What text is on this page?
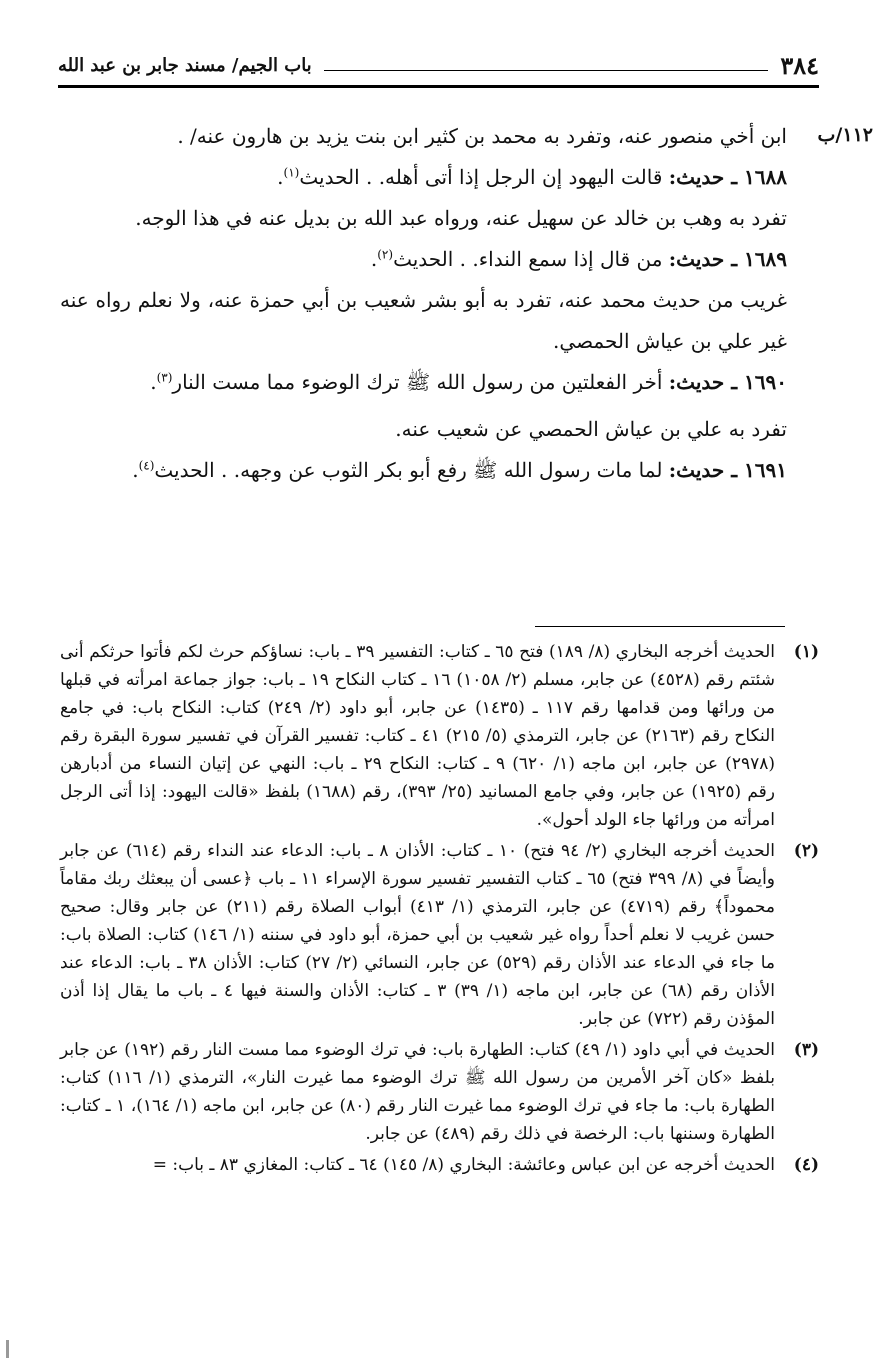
٣٨٤
باب الجيم/ مسند جابر بن عبد الله
١١٢/ب

ابن أخي منصور عنه، وتفرد به محمد بن كثير ابن بنت يزيد بن هارون عنه/ .

١٦٨٨ ـ حديث: قالت اليهود إن الرجل إذا أتى أهله. . الحديث$^{(١)}$.

تفرد به وهب بن خالد عن سهيل عنه، ورواه عبد الله بن بديل عنه في هذا الوجه.

١٦٨٩ ـ حديث: من قال إذا سمع النداء. . الحديث$^{(٢)}$.

غريب من حديث محمد عنه، تفرد به أبو بشر شعيب بن أبي حمزة عنه، ولا نعلم رواه عنه غير علي بن عياش الحمصي.

١٦٩٠ ـ حديث: أخر الفعلتين من رسول الله ﷺ ترك الوضوء مما مست النار$^{(٣)}$.

تفرد به علي بن عياش الحمصي عن شعيب عنه.

١٦٩١ ـ حديث: لما مات رسول الله ﷺ رفع أبو بكر الثوب عن وجهه. . الحديث$^{(٤)}$.

(١)
الحديث أخرجه البخاري (٨/ ١٨٩) فتح ٦٥ ـ كتاب: التفسير ٣٩ ـ باب: نساؤكم حرث لكم فأتوا حرثكم أنى شئتم رقم (٤٥٢٨) عن جابر، مسلم (٢/ ١٠٥٨) ١٦ ـ كتاب النكاح ١٩ ـ باب: جواز جماعة امرأته في قبلها من ورائها ومن قدامها رقم ١١٧ ـ (١٤٣٥) عن جابر، أبو داود (٢/ ٢٤٩) كتاب: النكاح باب: في جامع النكاح رقم (٢١٦٣) عن جابر، الترمذي (٥/ ٢١٥) ٤١ ـ كتاب: تفسير القرآن في تفسير سورة البقرة رقم (٢٩٧٨) عن جابر، ابن ماجه (١/ ٦٢٠) ٩ ـ كتاب: النكاح ٢٩ ـ باب: النهي عن إتيان النساء من أدبارهن رقم (١٩٢٥) عن جابر، وفي جامع المسانيد (٢٥/ ٣٩٣)، رقم (١٦٨٨) بلفظ «قالت اليهود: إذا أتى الرجل امرأته من ورائها جاء الولد أحول».
(٢)
الحديث أخرجه البخاري (٢/ ٩٤ فتح) ١٠ ـ كتاب: الأذان ٨ ـ باب: الدعاء عند النداء رقم (٦١٤) عن جابر وأيضاً في (٨/ ٣٩٩ فتح) ٦٥ ـ كتاب التفسير تفسير سورة الإسراء ١١ ـ باب ﴿عسى أن يبعثك ربك مقاماً محموداً﴾ رقم (٤٧١٩) عن جابر، الترمذي (١/ ٤١٣) أبواب الصلاة رقم (٢١١) عن جابر وقال: صحيح حسن غريب لا نعلم أحداً رواه غير شعيب بن أبي حمزة، أبو داود في سننه (١/ ١٤٦) كتاب: الصلاة باب: ما جاء في الدعاء عند الأذان رقم (٥٢٩) عن جابر، النسائي (٢/ ٢٧) كتاب: الأذان ٣٨ ـ باب: الدعاء عند الأذان رقم (٦٨) عن جابر، ابن ماجه (١/ ٣٩) ٣ ـ كتاب: الأذان والسنة فيها ٤ ـ باب ما يقال إذا أذن المؤذن رقم (٧٢٢) عن جابر.
(٣)
الحديث في أبي داود (١/ ٤٩) كتاب: الطهارة باب: في ترك الوضوء مما مست النار رقم (١٩٢) عن جابر بلفظ «كان آخر الأمرين من رسول الله ﷺ ترك الوضوء مما غيرت النار»، الترمذي (١/ ١١٦) كتاب: الطهارة باب: ما جاء في ترك الوضوء مما غيرت النار رقم (٨٠) عن جابر، ابن ماجه (١/ ١٦٤)، ١ ـ كتاب: الطهارة وسننها باب: الرخصة في ذلك رقم (٤٨٩) عن جابر.
(٤)
الحديث أخرجه عن ابن عباس وعائشة: البخاري (٨/ ١٤٥) ٦٤ ـ كتاب: المغازي ٨٣ ـ باب: =
